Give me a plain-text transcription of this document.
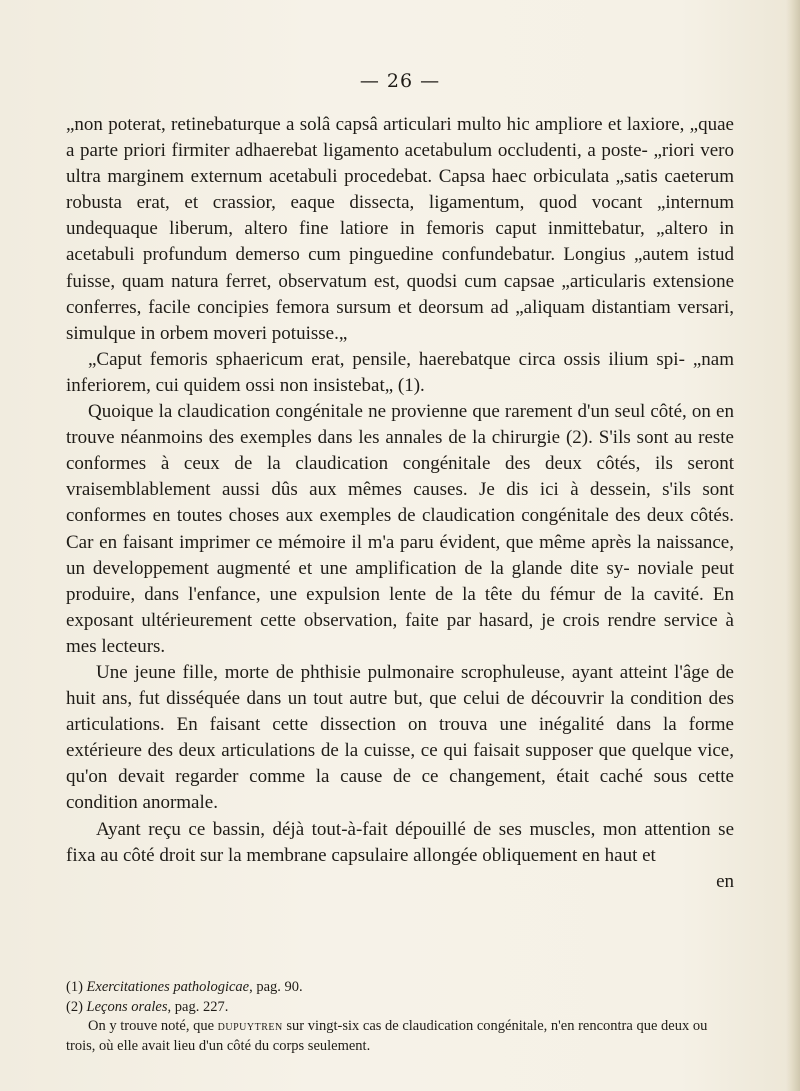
— 26 —

„non poterat, retinebaturque a solâ capsâ articulari multo hic ampliore et laxiore, „quae a parte priori firmiter adhaerebat ligamento acetabulum occludenti, a poste- „riori vero ultra marginem externum acetabuli procedebat. Capsa haec orbiculata „satis caeterum robusta erat, et crassior, eaque dissecta, ligamentum, quod vocant „internum undequaque liberum, altero fine latiore in femoris caput inmittebatur, „altero in acetabuli profundum demerso cum pinguedine confundebatur. Longius „autem istud fuisse, quam natura ferret, observatum est, quodsi cum capsae „articularis extensione conferres, facile concipies femora sursum et deorsum ad „aliquam distantiam versari, simulque in orbem moveri potuisse.„

„Caput femoris sphaericum erat, pensile, haerebatque circa ossis ilium spi- „nam inferiorem, cui quidem ossi non insistebat„ (1).

Quoique la claudication congénitale ne provienne que rarement d'un seul côté, on en trouve néanmoins des exemples dans les annales de la chirurgie (2). S'ils sont au reste conformes à ceux de la claudication congénitale des deux côtés, ils seront vraisemblablement aussi dûs aux mêmes causes. Je dis ici à dessein, s'ils sont conformes en toutes choses aux exemples de claudication congénitale des deux côtés. Car en faisant imprimer ce mémoire il m'a paru évident, que même après la naissance, un developpement augmenté et une amplification de la glande dite sy- noviale peut produire, dans l'enfance, une expulsion lente de la tête du fémur de la cavité. En exposant ultérieurement cette observation, faite par hasard, je crois rendre service à mes lecteurs.

Une jeune fille, morte de phthisie pulmonaire scrophuleuse, ayant atteint l'âge de huit ans, fut disséquée dans un tout autre but, que celui de découvrir la condition des articulations. En faisant cette dissection on trouva une inégalité dans la forme extérieure des deux articulations de la cuisse, ce qui faisait supposer que quelque vice, qu'on devait regarder comme la cause de ce changement, était caché sous cette condition anormale.

Ayant reçu ce bassin, déjà tout-à-fait dépouillé de ses muscles, mon attention se fixa au côté droit sur la membrane capsulaire allongée obliquement en haut et

en

(1) Exercitationes pathologicae, pag. 90.

(2) Leçons orales, pag. 227.

On y trouve noté, que dupuytren sur vingt-six cas de claudication congénitale, n'en rencontra que deux ou trois, où elle avait lieu d'un côté du corps seulement.
